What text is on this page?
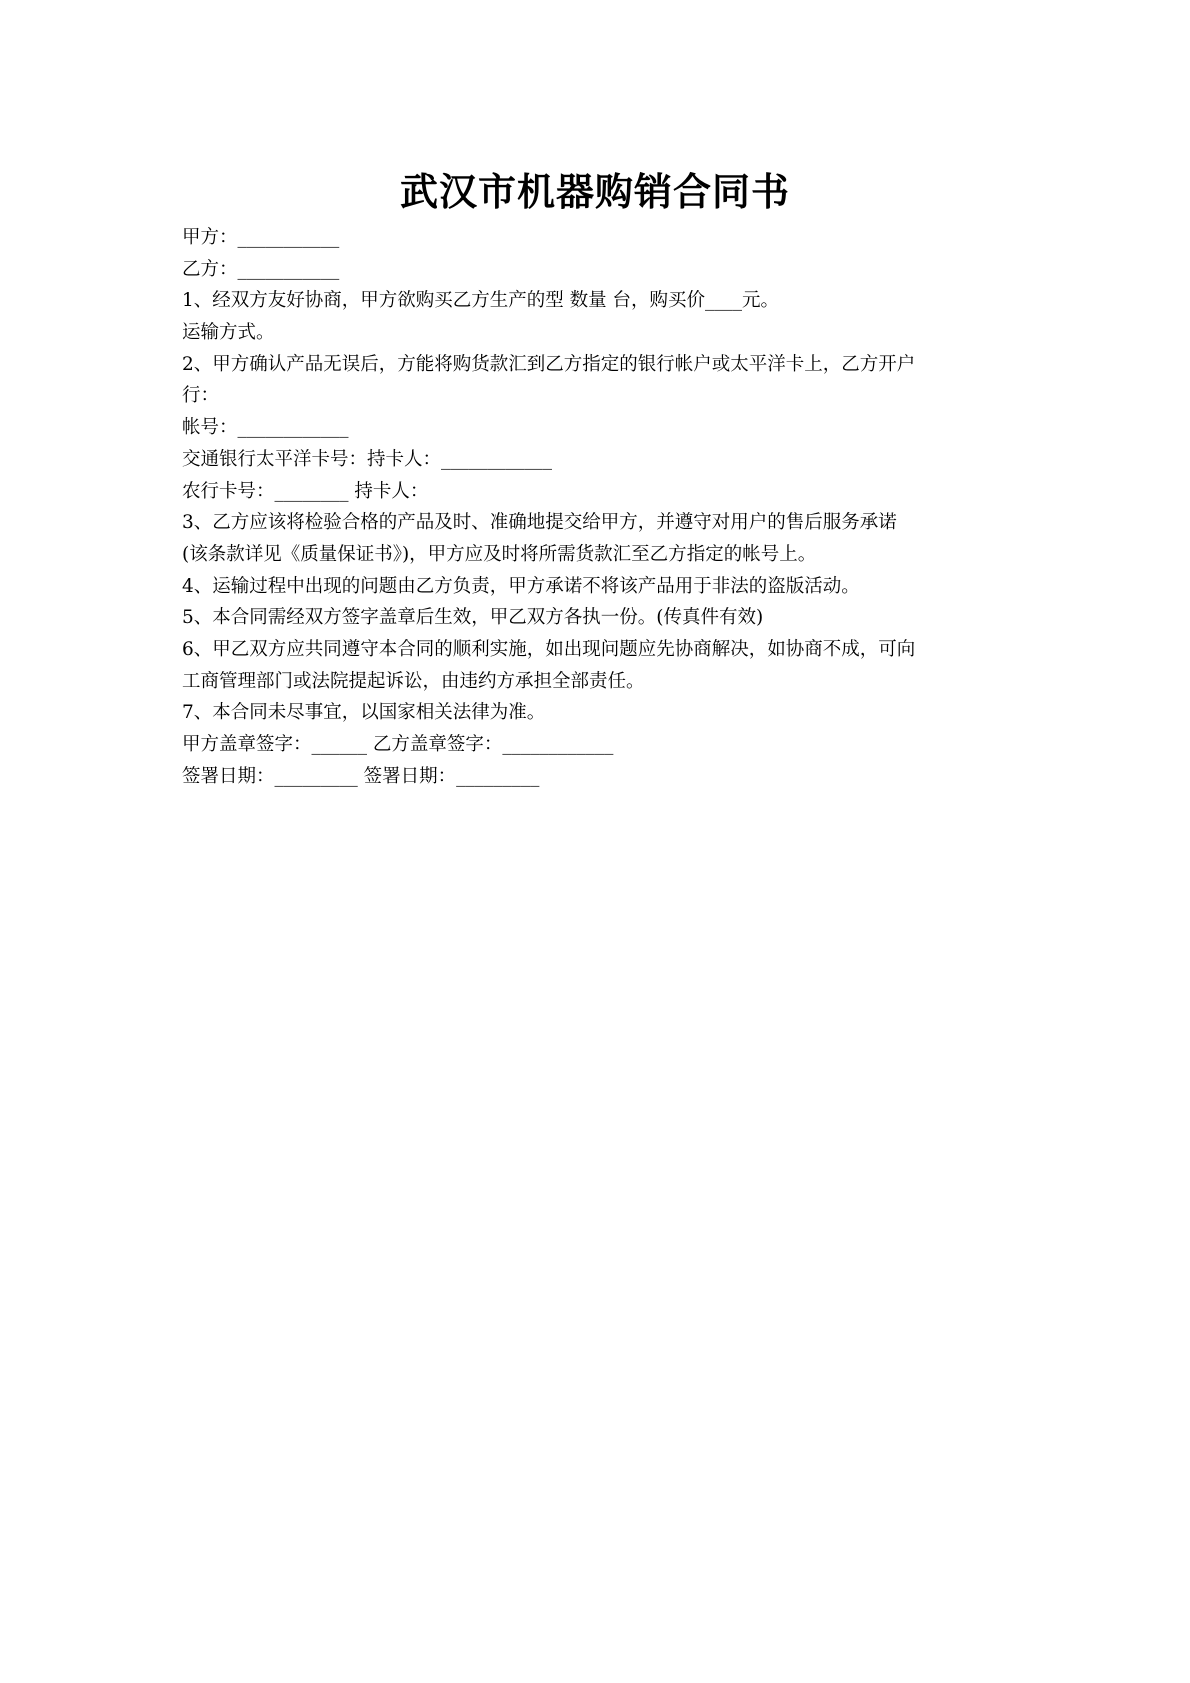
武汉市机器购销合同书
甲方：___________
乙方：___________
1、经双方友好协商，甲方欲购买乙方生产的型 数量 台，购买价____元。
运输方式。
2、甲方确认产品无误后，方能将购货款汇到乙方指定的银行帐户或太平洋卡上，乙方开户
行：
帐号：____________
交通银行太平洋卡号：持卡人：____________
农行卡号：________ 持卡人：
3、乙方应该将检验合格的产品及时、准确地提交给甲方，并遵守对用户的售后服务承诺
(该条款详见《质量保证书》)，甲方应及时将所需货款汇至乙方指定的帐号上。
4、运输过程中出现的问题由乙方负责，甲方承诺不将该产品用于非法的盗版活动。
5、本合同需经双方签字盖章后生效，甲乙双方各执一份。(传真件有效)
6、甲乙双方应共同遵守本合同的顺利实施，如出现问题应先协商解决，如协商不成，可向
工商管理部门或法院提起诉讼，由违约方承担全部责任。
7、本合同未尽事宜，以国家相关法律为准。
甲方盖章签字：______ 乙方盖章签字：____________
签署日期：_________ 签署日期：_________
